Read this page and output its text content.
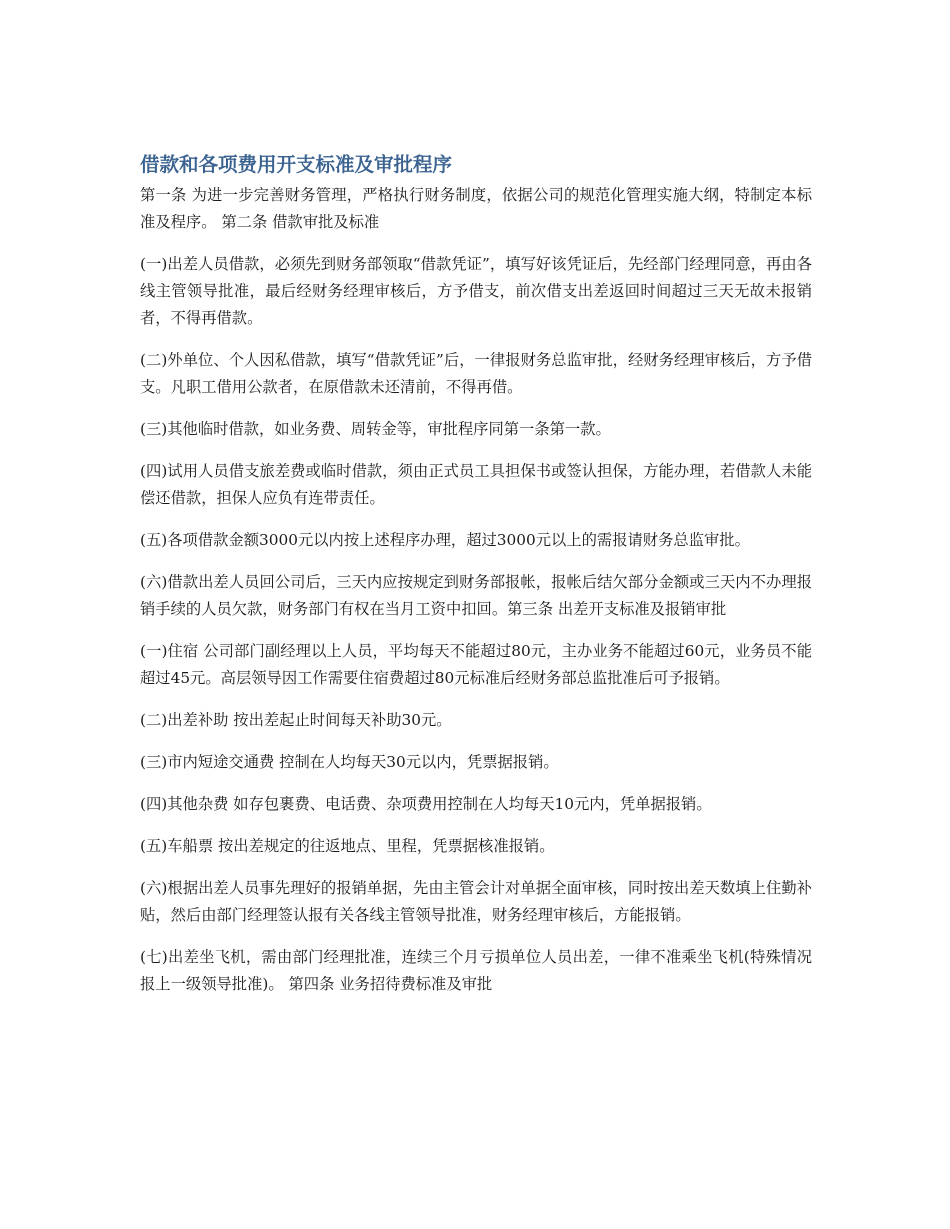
借款和各项费用开支标准及审批程序

第一条 为进一步完善财务管理，严格执行财务制度，依据公司的规范化管理实施大纲，特制定本标准及程序。 第二条 借款审批及标准

(一)出差人员借款，必须先到财务部领取“借款凭证”，填写好该凭证后，先经部门经理同意，再由各线主管领导批准，最后经财务经理审核后，方予借支，前次借支出差返回时间超过三天无故未报销者，不得再借款。

(二)外单位、个人因私借款，填写“借款凭证”后，一律报财务总监审批，经财务经理审核后，方予借支。凡职工借用公款者，在原借款未还清前，不得再借。

(三)其他临时借款，如业务费、周转金等，审批程序同第一条第一款。

(四)试用人员借支旅差费或临时借款，须由正式员工具担保书或签认担保，方能办理，若借款人未能偿还借款，担保人应负有连带责任。

(五)各项借款金额3000元以内按上述程序办理，超过3000元以上的需报请财务总监审批。

(六)借款出差人员回公司后，三天内应按规定到财务部报帐，报帐后结欠部分金额或三天内不办理报销手续的人员欠款，财务部门有权在当月工资中扣回。第三条 出差开支标准及报销审批

(一)住宿 公司部门副经理以上人员，平均每天不能超过80元，主办业务不能超过60元，业务员不能超过45元。高层领导因工作需要住宿费超过80元标准后经财务部总监批准后可予报销。

(二)出差补助 按出差起止时间每天补助30元。

(三)市内短途交通费 控制在人均每天30元以内，凭票据报销。

(四)其他杂费 如存包裹费、电话费、杂项费用控制在人均每天10元内，凭单据报销。

(五)车船票 按出差规定的往返地点、里程，凭票据核准报销。

(六)根据出差人员事先理好的报销单据，先由主管会计对单据全面审核，同时按出差天数填上住勤补贴，然后由部门经理签认报有关各线主管领导批准，财务经理审核后，方能报销。

(七)出差坐飞机，需由部门经理批准，连续三个月亏损单位人员出差，一律不准乘坐飞机(特殊情况报上一级领导批准)。 第四条 业务招待费标准及审批
